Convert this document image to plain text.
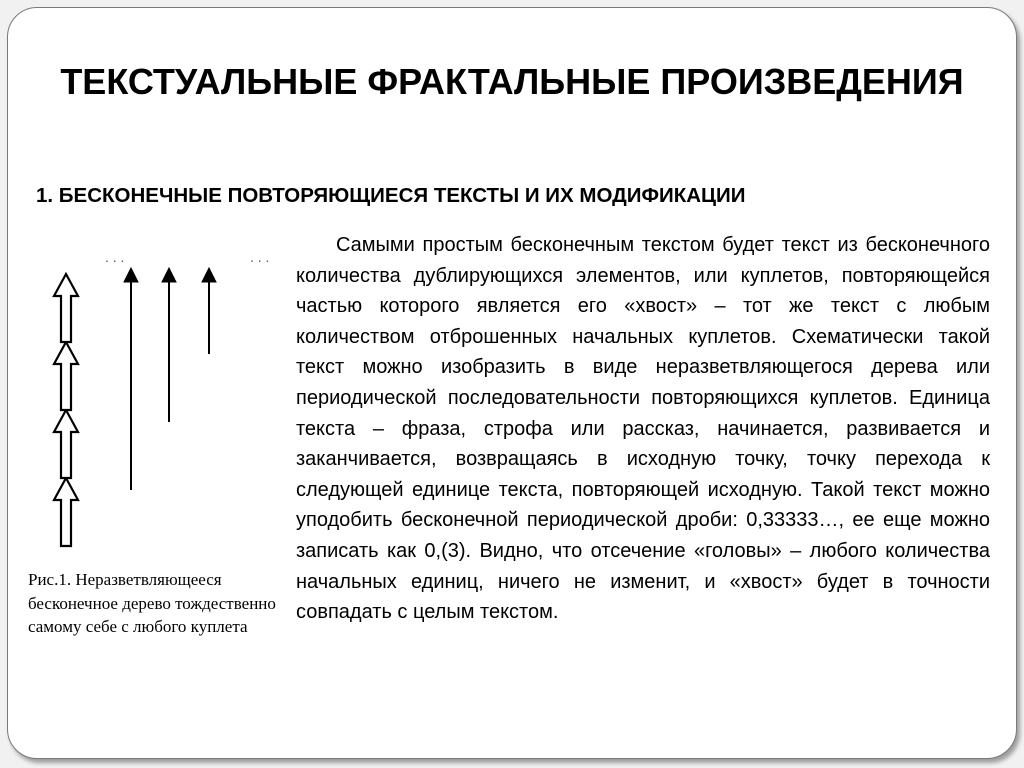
ТЕКСТУАЛЬНЫЕ ФРАКТАЛЬНЫЕ ПРОИЗВЕДЕНИЯ
1. БЕСКОНЕЧНЫЕ ПОВТОРЯЮЩИЕСЯ ТЕКСТЫ И ИХ МОДИФИКАЦИИ
. . .	. . .
Рис.1. Неразветвляющееся бесконечное дерево тождественно самому себе с любого куплета
Самыми простым бесконечным текстом будет текст из бесконечного количества дублирующихся элементов, или куплетов, повторяющейся частью которого является его «хвост» – тот же текст с любым количеством отброшенных начальных куплетов. Схематически такой текст можно изобразить в виде неразветвляющегося дерева или периодической последовательности повторяющихся куплетов. Единица текста – фраза, строфа или рассказ, начинается, развивается и заканчивается, возвращаясь в исходную точку, точку перехода к следующей единице текста, повторяющей исходную. Такой текст можно уподобить бесконечной периодической дроби: 0,33333…, ее еще можно записать как 0,(3). Видно, что отсечение «головы» – любого количества начальных единиц, ничего не изменит, и «хвост» будет в точности совпадать с целым текстом.
